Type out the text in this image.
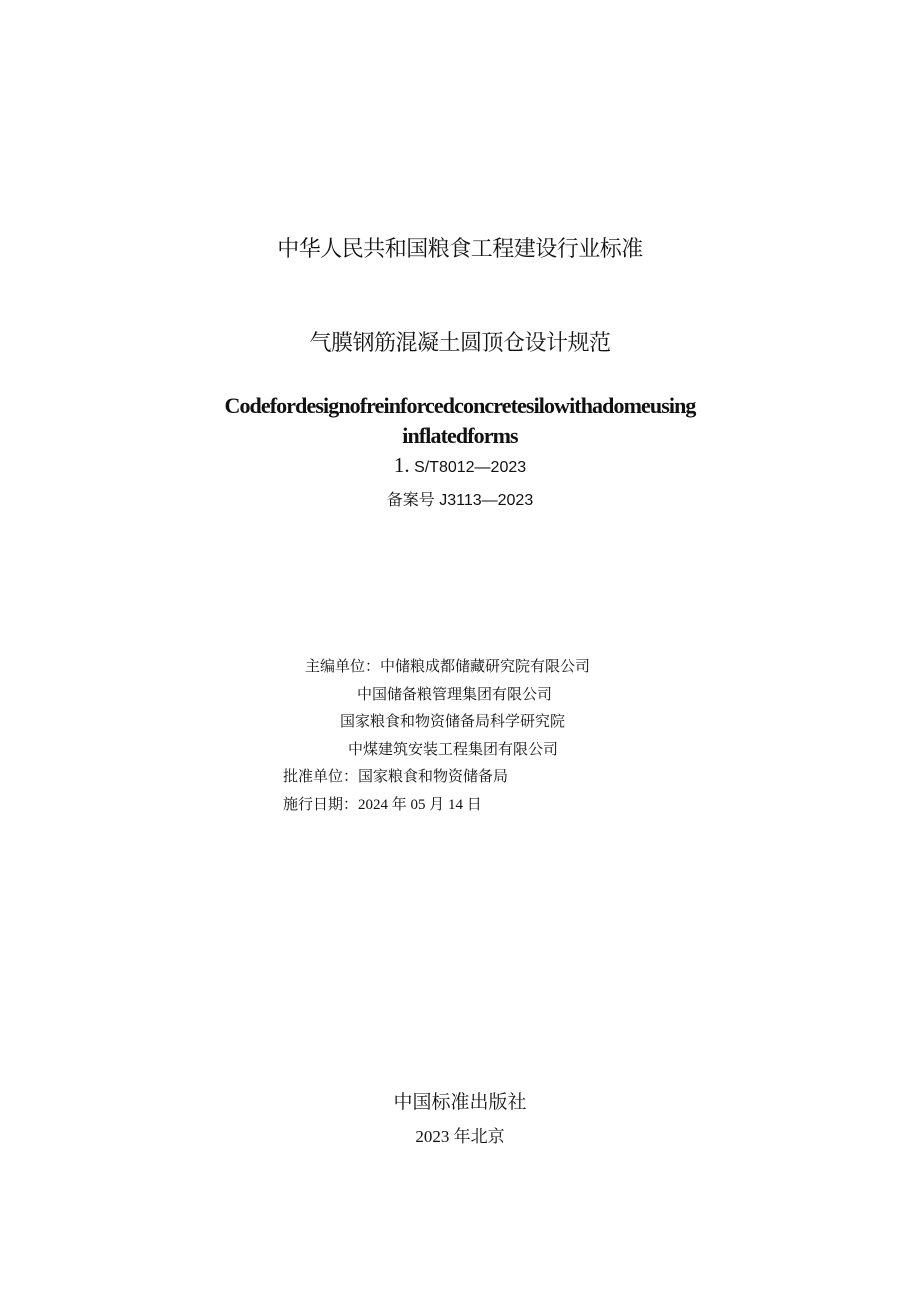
中华人民共和国粮食工程建设行业标准
气膜钢筋混凝土圆顶仓设计规范
Codefordesignofreinforcedconcretesilowithadomeusing
inflatedforms
1. S/T8012—2023
备案号 J3113—2023
主编单位：中储粮成都储藏研究院有限公司
中国储备粮管理集团有限公司
国家粮食和物资储备局科学研究院
中煤建筑安装工程集团有限公司
批准单位：国家粮食和物资储备局
施行日期：2024 年 05 月 14 日
中国标准出版社
2023 年北京
